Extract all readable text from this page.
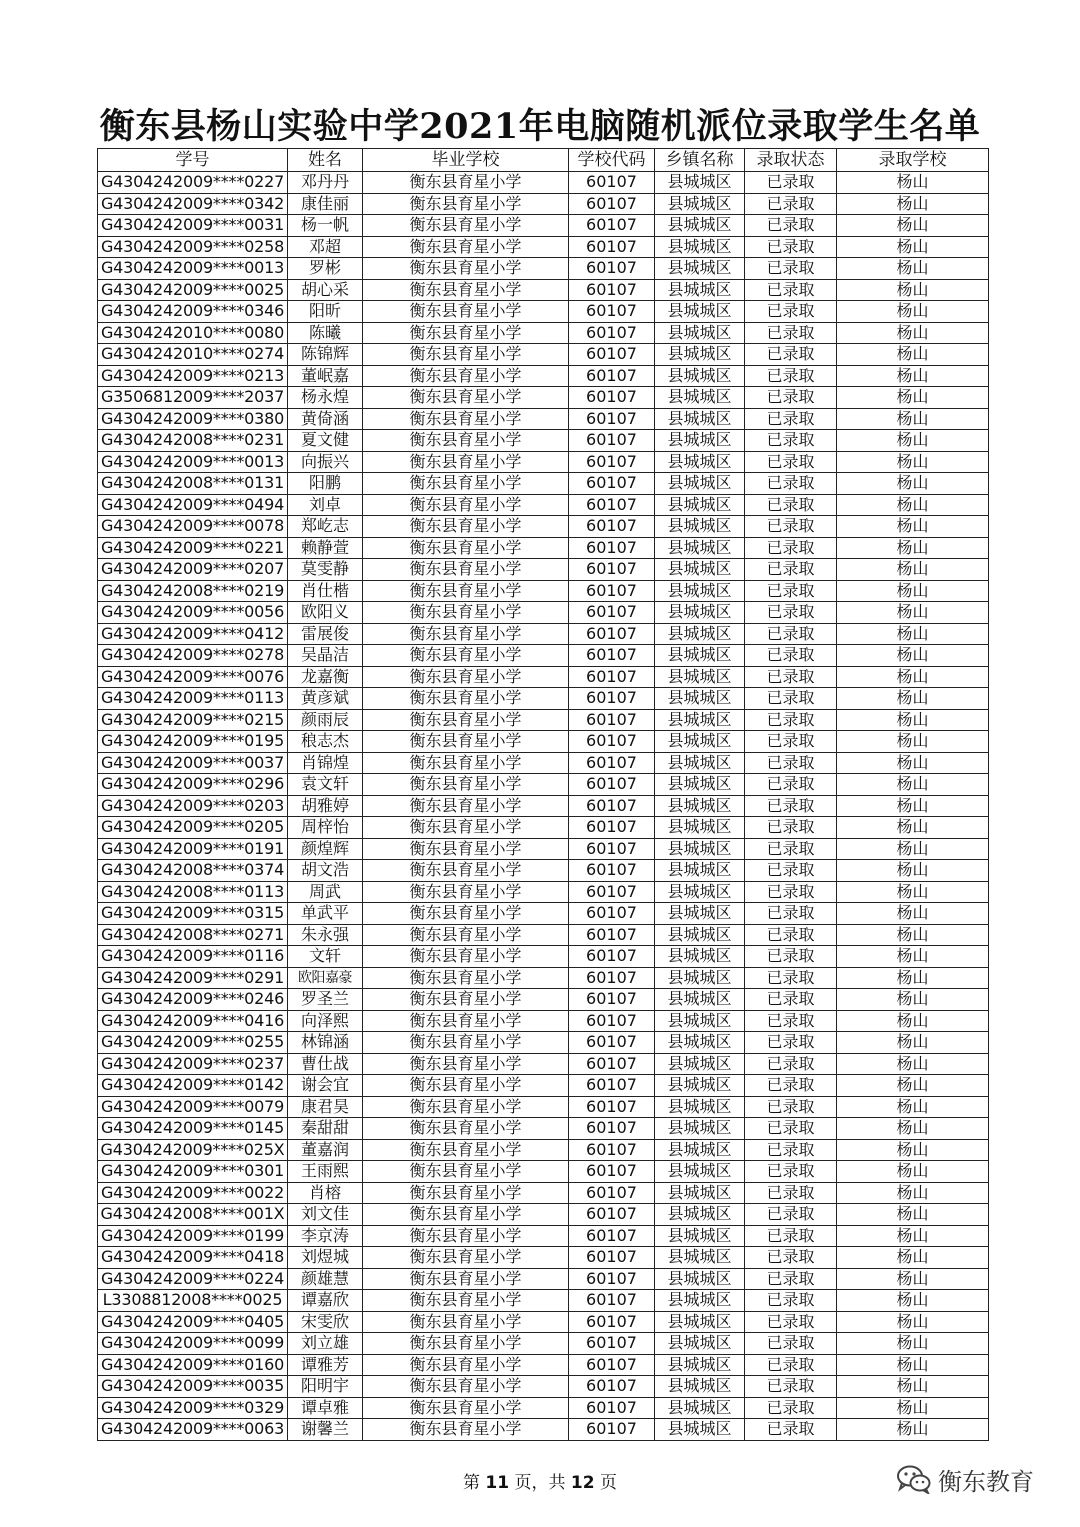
衡东县杨山实验中学2021年电脑随机派位录取学生名单
学号	姓名	毕业学校	学校代码	乡镇名称	录取状态	录取学校
G4304242009****0227	邓丹丹	衡东县育星小学	60107	县城城区	已录取	杨山
G4304242009****0342	康佳丽	衡东县育星小学	60107	县城城区	已录取	杨山
G4304242009****0031	杨一帆	衡东县育星小学	60107	县城城区	已录取	杨山
G4304242009****0258	邓超	衡东县育星小学	60107	县城城区	已录取	杨山
G4304242009****0013	罗彬	衡东县育星小学	60107	县城城区	已录取	杨山
G4304242009****0025	胡心采	衡东县育星小学	60107	县城城区	已录取	杨山
G4304242009****0346	阳昕	衡东县育星小学	60107	县城城区	已录取	杨山
G4304242010****0080	陈曦	衡东县育星小学	60107	县城城区	已录取	杨山
G4304242010****0274	陈锦辉	衡东县育星小学	60107	县城城区	已录取	杨山
G4304242009****0213	董岷嘉	衡东县育星小学	60107	县城城区	已录取	杨山
G3506812009****2037	杨永煌	衡东县育星小学	60107	县城城区	已录取	杨山
G4304242009****0380	黄倚涵	衡东县育星小学	60107	县城城区	已录取	杨山
G4304242008****0231	夏文健	衡东县育星小学	60107	县城城区	已录取	杨山
G4304242009****0013	向振兴	衡东县育星小学	60107	县城城区	已录取	杨山
G4304242008****0131	阳鹏	衡东县育星小学	60107	县城城区	已录取	杨山
G4304242009****0494	刘卓	衡东县育星小学	60107	县城城区	已录取	杨山
G4304242009****0078	郑屹志	衡东县育星小学	60107	县城城区	已录取	杨山
G4304242009****0221	赖静萱	衡东县育星小学	60107	县城城区	已录取	杨山
G4304242009****0207	莫雯静	衡东县育星小学	60107	县城城区	已录取	杨山
G4304242008****0219	肖仕楷	衡东县育星小学	60107	县城城区	已录取	杨山
G4304242009****0056	欧阳义	衡东县育星小学	60107	县城城区	已录取	杨山
G4304242009****0412	雷展俊	衡东县育星小学	60107	县城城区	已录取	杨山
G4304242009****0278	吴晶洁	衡东县育星小学	60107	县城城区	已录取	杨山
G4304242009****0076	龙嘉衡	衡东县育星小学	60107	县城城区	已录取	杨山
G4304242009****0113	黄彦斌	衡东县育星小学	60107	县城城区	已录取	杨山
G4304242009****0215	颜雨辰	衡东县育星小学	60107	县城城区	已录取	杨山
G4304242009****0195	稂志杰	衡东县育星小学	60107	县城城区	已录取	杨山
G4304242009****0037	肖锦煌	衡东县育星小学	60107	县城城区	已录取	杨山
G4304242009****0296	袁文轩	衡东县育星小学	60107	县城城区	已录取	杨山
G4304242009****0203	胡雅婷	衡东县育星小学	60107	县城城区	已录取	杨山
G4304242009****0205	周梓怡	衡东县育星小学	60107	县城城区	已录取	杨山
G4304242009****0191	颜煌辉	衡东县育星小学	60107	县城城区	已录取	杨山
G4304242008****0374	胡文浩	衡东县育星小学	60107	县城城区	已录取	杨山
G4304242008****0113	周武	衡东县育星小学	60107	县城城区	已录取	杨山
G4304242009****0315	单武平	衡东县育星小学	60107	县城城区	已录取	杨山
G4304242008****0271	朱永强	衡东县育星小学	60107	县城城区	已录取	杨山
G4304242009****0116	文轩	衡东县育星小学	60107	县城城区	已录取	杨山
G4304242009****0291	欧阳嘉豪	衡东县育星小学	60107	县城城区	已录取	杨山
G4304242009****0246	罗圣兰	衡东县育星小学	60107	县城城区	已录取	杨山
G4304242009****0416	向泽熙	衡东县育星小学	60107	县城城区	已录取	杨山
G4304242009****0255	林锦涵	衡东县育星小学	60107	县城城区	已录取	杨山
G4304242009****0237	曹仕战	衡东县育星小学	60107	县城城区	已录取	杨山
G4304242009****0142	谢会宜	衡东县育星小学	60107	县城城区	已录取	杨山
G4304242009****0079	康君昊	衡东县育星小学	60107	县城城区	已录取	杨山
G4304242009****0145	秦甜甜	衡东县育星小学	60107	县城城区	已录取	杨山
G4304242009****025X	董嘉润	衡东县育星小学	60107	县城城区	已录取	杨山
G4304242009****0301	王雨熙	衡东县育星小学	60107	县城城区	已录取	杨山
G4304242009****0022	肖榕	衡东县育星小学	60107	县城城区	已录取	杨山
G4304242008****001X	刘文佳	衡东县育星小学	60107	县城城区	已录取	杨山
G4304242009****0199	李京涛	衡东县育星小学	60107	县城城区	已录取	杨山
G4304242009****0418	刘煜城	衡东县育星小学	60107	县城城区	已录取	杨山
G4304242009****0224	颜雄慧	衡东县育星小学	60107	县城城区	已录取	杨山
L3308812008****0025	谭嘉欣	衡东县育星小学	60107	县城城区	已录取	杨山
G4304242009****0405	宋雯欣	衡东县育星小学	60107	县城城区	已录取	杨山
G4304242009****0099	刘立雄	衡东县育星小学	60107	县城城区	已录取	杨山
G4304242009****0160	谭雅芳	衡东县育星小学	60107	县城城区	已录取	杨山
G4304242009****0035	阳明宇	衡东县育星小学	60107	县城城区	已录取	杨山
G4304242009****0329	谭卓雅	衡东县育星小学	60107	县城城区	已录取	杨山
G4304242009****0063	谢馨兰	衡东县育星小学	60107	县城城区	已录取	杨山
第 11 页，共 12 页	衡东教育
